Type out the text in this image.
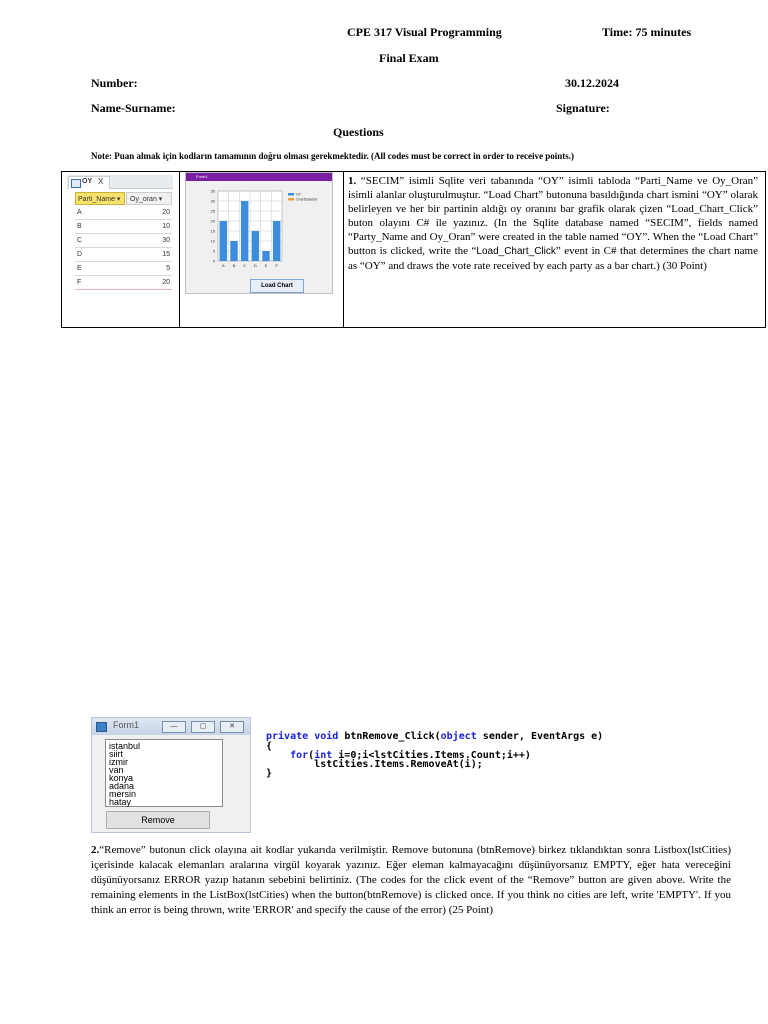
CPE 317 Visual Programming	Time: 75 minutes
Final Exam
Number:	30.12.2024
Name-Surname:	Signature:
Questions
Note: Puan almak için kodların tamamının doğru olması gerekmektedir. (All codes must be correct in order to receive points.)
OY X
Parti_Name ▾	Oy_oran ▾
A	20
B	10
C	30
D	15
E	5
F	20
Form1
0
5
10
15
20
25
30
35
A B C D E F
OY
ChartDataSet
Load Chart
1. “SECIM” isimli Sqlite veri tabanında “OY” isimli tabloda “Parti_Name ve Oy_Oran” isimli alanlar oluşturulmuştur. “Load Chart” butonuna basıldığında chart ismini “OY” olarak belirleyen ve her bir partinin aldığı oy oranını bar grafik olarak çizen “Load_Chart_Click” buton olayını C# ile yazınız. (In the Sqlite database named “SECIM”, fields named “Party_Name and Oy_Oran” were created in the table named “OY”. When the “Load Chart” button is clicked, write the “Load_Chart_Click” event in C# that determines the chart name as “OY” and draws the vote rate received by each party as a bar chart.) (30 Point)
Form1	—	▢	✕
istanbul
siirt
izmir
van
konya
adana
mersin
hatay
Remove
private void btnRemove_Click(object sender, EventArgs e)
{
for(int i=0;i<lstCities.Items.Count;i++)
lstCities.Items.RemoveAt(i);
}
2.“Remove” butonun click olayına ait kodlar yukarıda verilmiştir. Remove butonuna (btnRemove) birkez tıklandıktan sonra Listbox(lstCities) içerisinde kalacak elemanları aralarına virgül koyarak yazınız. Eğer eleman kalmayacağını düşünüyorsanız EMPTY, eğer hata vereceğini düşünüyorsanız ERROR yazıp hatanın sebebini belirtiniz. (The codes for the click event of the “Remove” button are given above. Write the remaining elements in the ListBox(lstCities) when the button(btnRemove) is clicked once. If you think no cities are left, write 'EMPTY'. If you think an error is being thrown, write 'ERROR' and specify the cause of the error) (25 Point)
